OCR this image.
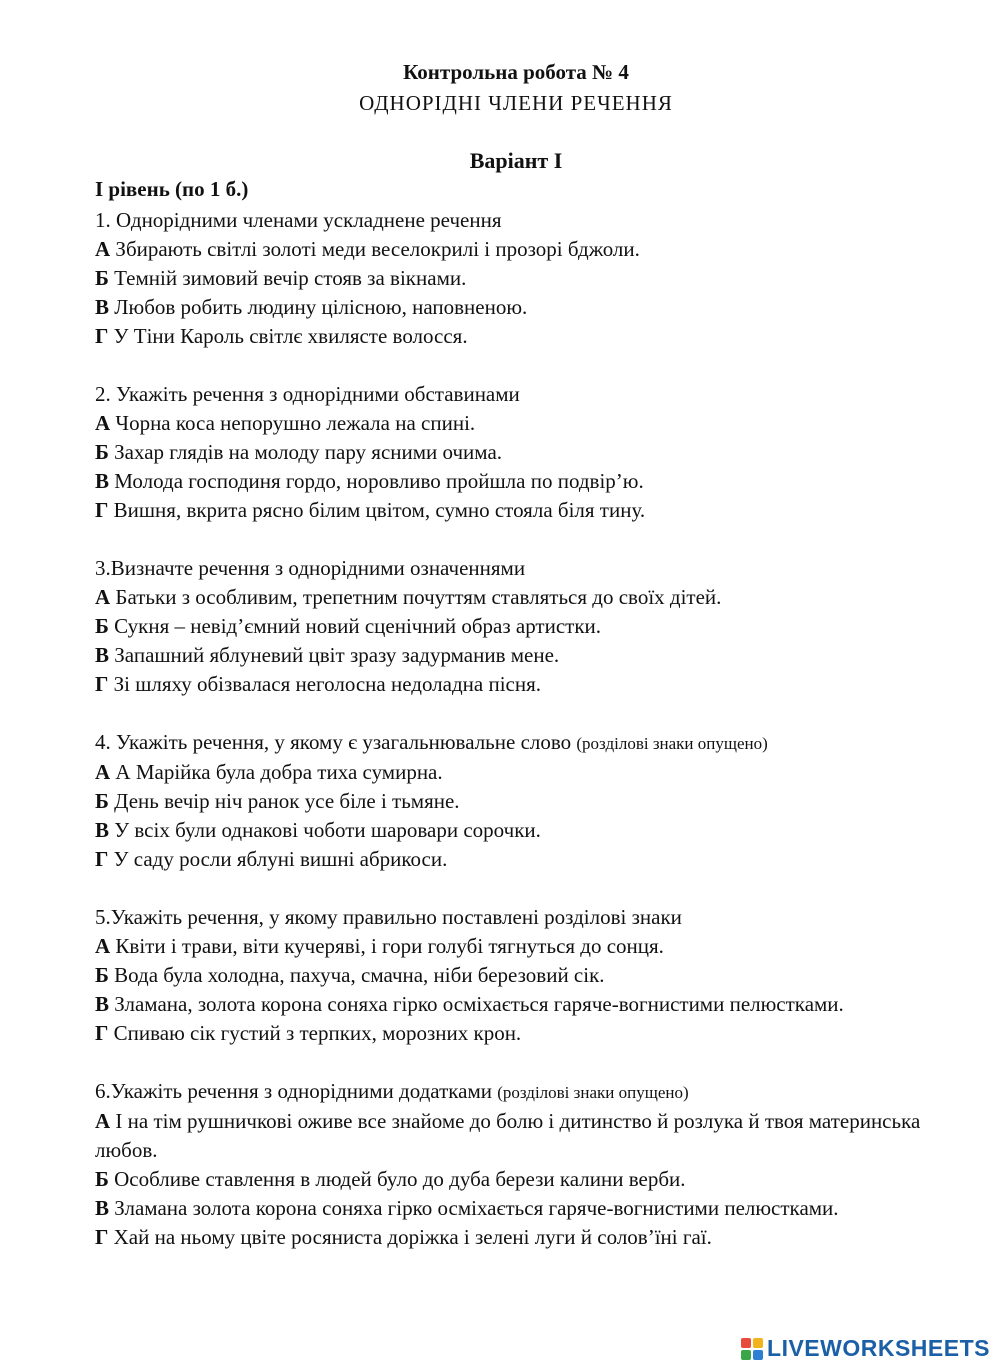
Контрольна робота № 4
ОДНОРІДНІ ЧЛЕНИ РЕЧЕННЯ
Варіант І
І рівень (по 1 б.)
1. Однорідними членами ускладнене речення
А Збирають світлі золоті меди веселокрилі і прозорі бджоли.
Б Темній зимовий вечір стояв за вікнами.
В Любов робить людину цілісною, наповненою.
Г У Тіни Кароль світлє хвилясте волосся.
2. Укажіть речення з однорідними обставинами
А Чорна коса непорушно лежала на спині.
Б Захар глядів на молоду пару ясними очима.
В Молода господиня гордо, норовливо пройшла по подвір’ю.
Г Вишня, вкрита рясно білим цвітом, сумно стояла біля тину.
3.Визначте речення з однорідними означеннями
А Батьки з особливим, трепетним почуттям ставляться до своїх дітей.
Б Сукня – невід’ємний новий сценічний образ артистки.
В Запашний яблуневий цвіт зразу задурманив мене.
Г Зі шляху обізвалася неголосна недоладна пісня.
4. Укажіть речення, у якому є узагальнювальне слово (розділові знаки опущено)
А А Марійка була добра тиха сумирна.
Б День вечір ніч ранок усе біле і тьмяне.
В У всіх були однакові чоботи шаровари сорочки.
Г У саду росли яблуні вишні абрикоси.
5.Укажіть речення, у якому правильно поставлені розділові знаки
А Квіти і трави, віти кучеряві, і гори голубі тягнуться до сонця.
Б Вода була холодна, пахуча, смачна, ніби березовий сік.
В Зламана, золота корона соняха гірко осміхається гаряче-вогнистими пелюстками.
Г Спиваю сік густий з терпких, морозних крон.
6.Укажіть речення з однорідними додатками (розділові знаки опущено)
А І на тім рушничкові оживе все знайоме до болю і дитинство й розлука й твоя материнська любов.
Б Особливе ставлення в людей було до дуба берези калини верби.
В Зламана золота корона соняха гірко осміхається гаряче-вогнистими пелюстками.
Г Хай на ньому цвіте росяниста доріжка і зелені луги й солов’їні гаї.
LIVEWORKSHEETS
